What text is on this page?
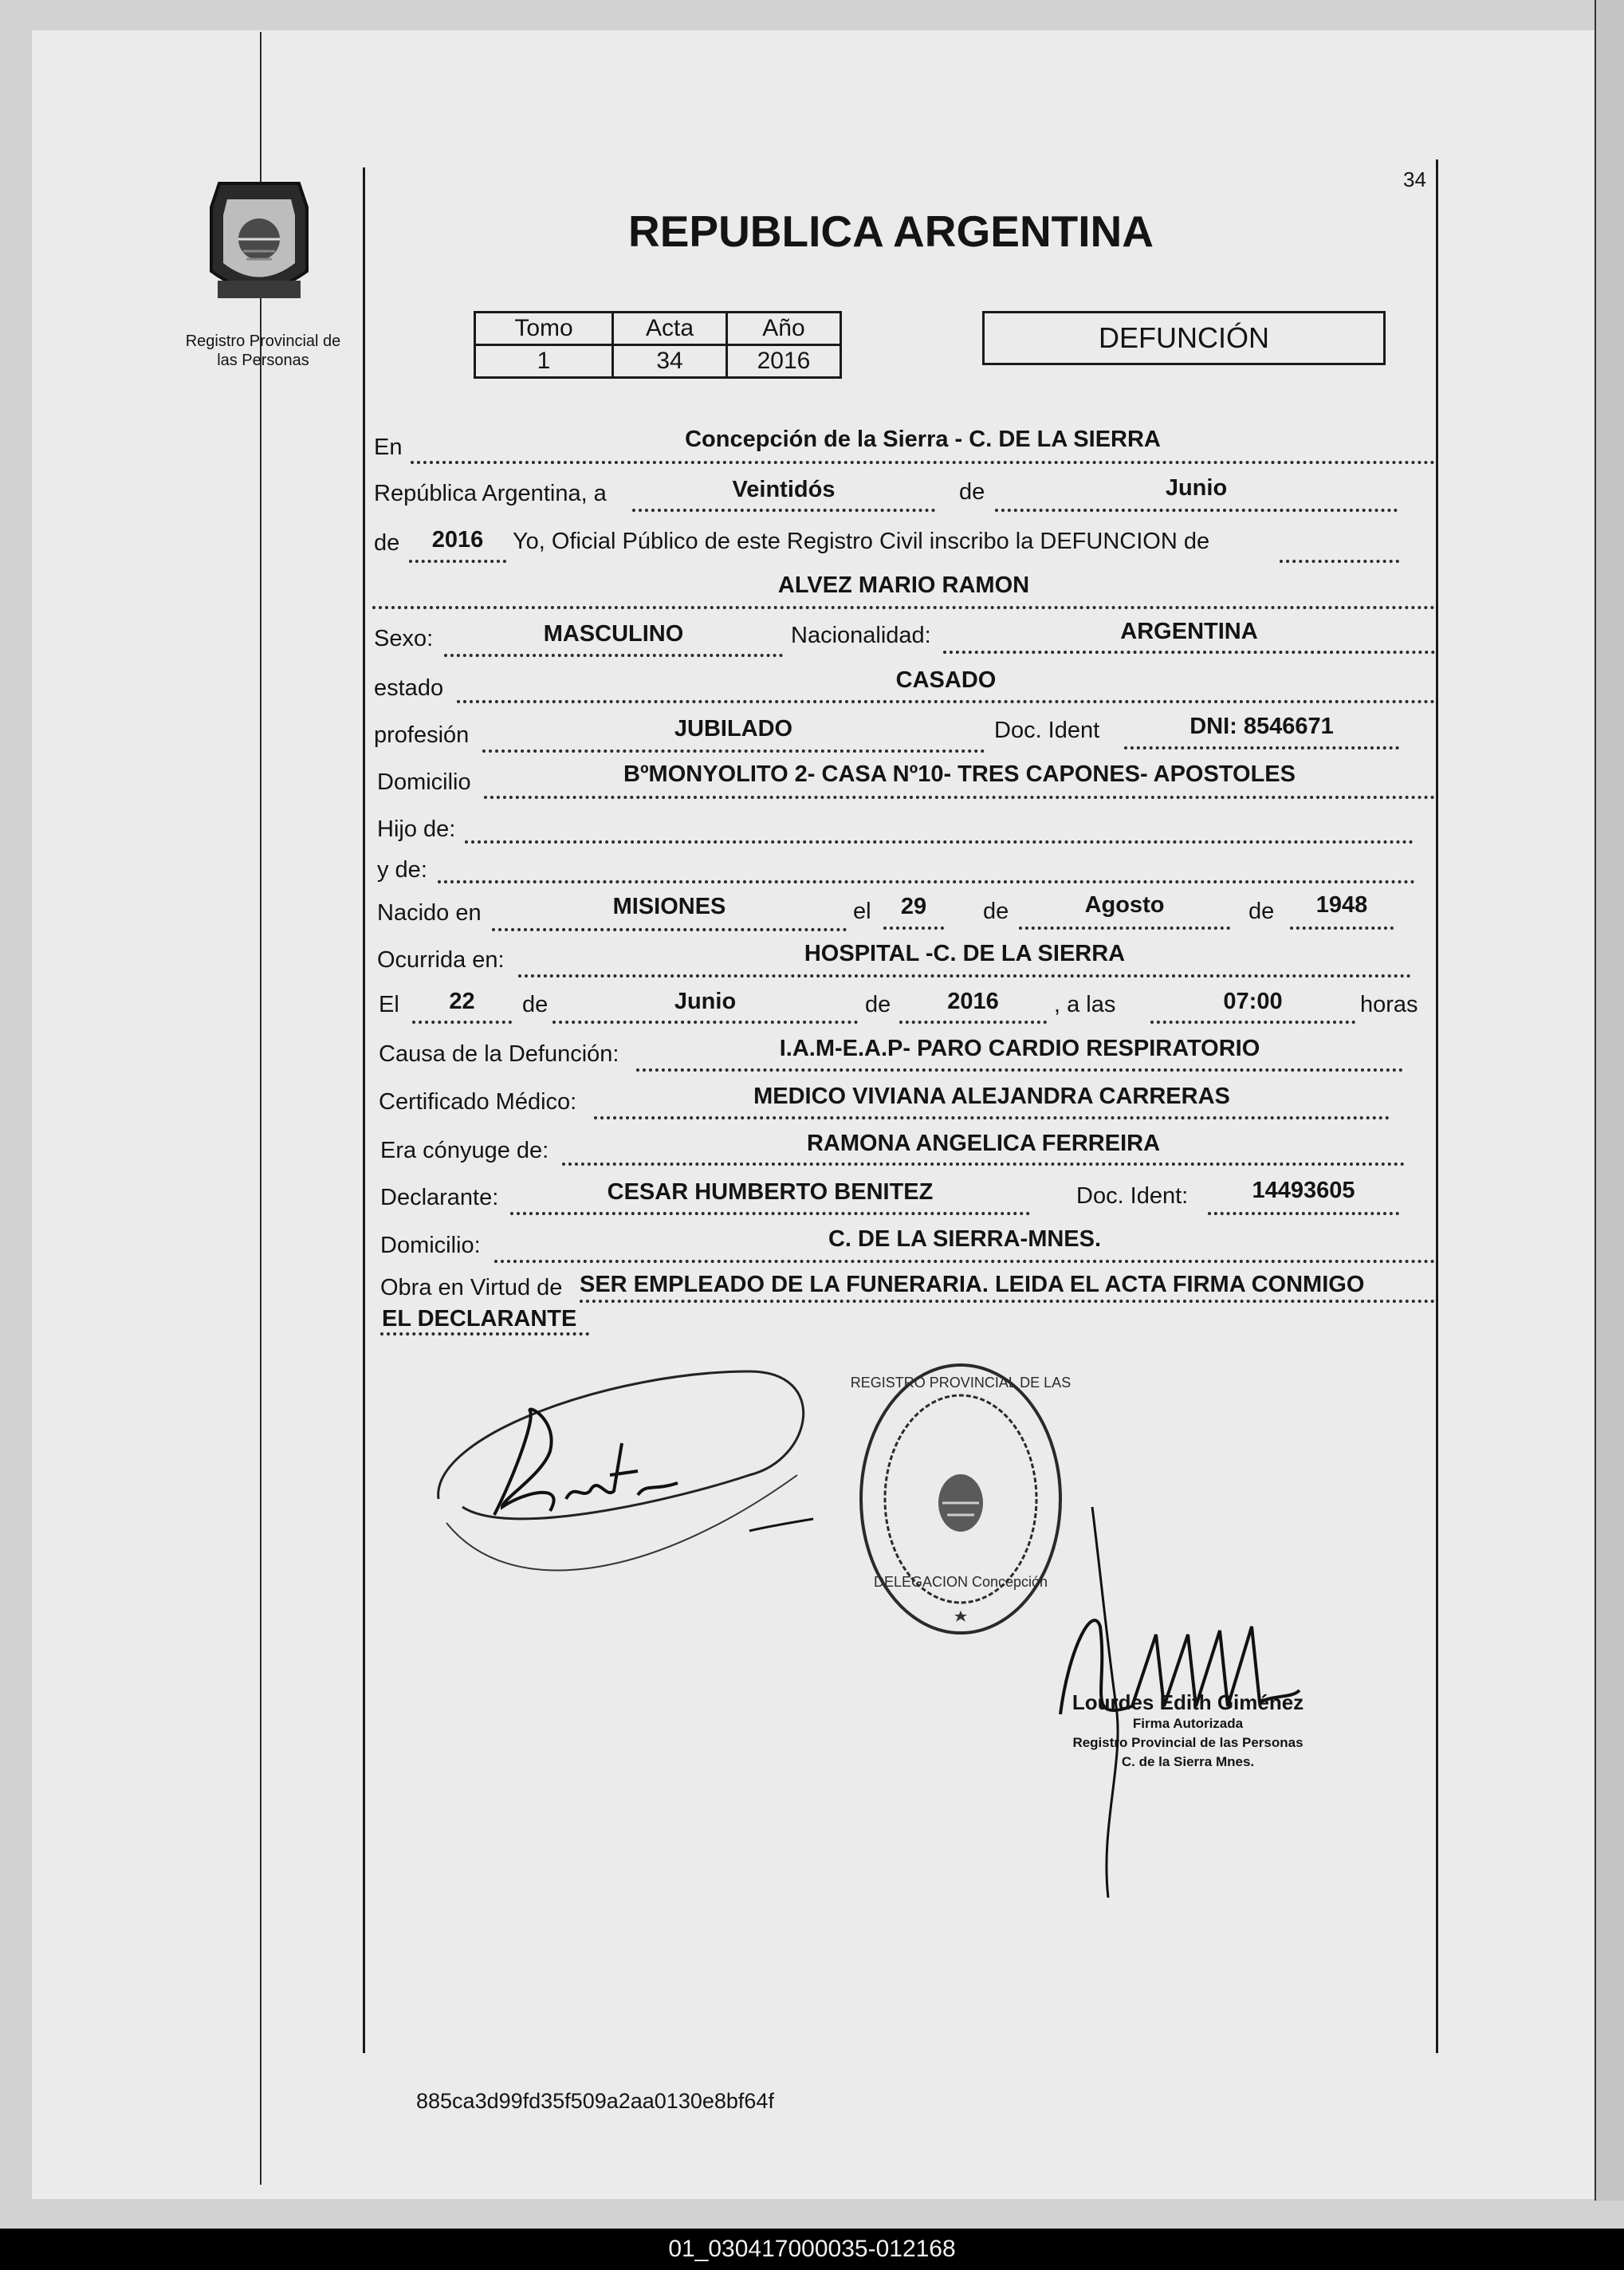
34
REPUBLICA ARGENTINA
Registro Provincial de
las Personas
Tomo	Acta	Año
1	34	2016
DEFUNCIÓN
En	Concepción de la Sierra - C. DE LA SIERRA
República Argentina, a	Veintidós	de	Junio
de	2016	Yo, Oficial Público de este Registro Civil inscribo la DEFUNCION de
ALVEZ MARIO RAMON
Sexo:	MASCULINO	Nacionalidad:	ARGENTINA
estado	CASADO
profesión	JUBILADO	Doc. Ident	DNI: 8546671
Domicilio	BºMONYOLITO 2- CASA Nº10- TRES CAPONES- APOSTOLES
Hijo de:
y de:
Nacido en	MISIONES	el	29	de	Agosto	de	1948
Ocurrida en:	HOSPITAL -C. DE LA SIERRA
El	22	de	Junio	de	2016	, a las	07:00	horas
Causa de la Defunción:	I.A.M-E.A.P- PARO CARDIO RESPIRATORIO
Certificado Médico:	MEDICO VIVIANA ALEJANDRA CARRERAS
Era cónyuge de:	RAMONA ANGELICA FERREIRA
Declarante:	CESAR HUMBERTO BENITEZ	Doc. Ident:	14493605
Domicilio:	C. DE LA SIERRA-MNES.
Obra en Virtud de SER EMPLEADO DE LA FUNERARIA. LEIDA EL ACTA FIRMA CONMIGO
EL DECLARANTE
REGISTRO PROVINCIAL DE LAS
DELEGACION Concepción
Lourdes Edith Giménez
Firma Autorizada
Registro Provincial de las Personas
C. de la Sierra Mnes.
885ca3d99fd35f509a2aa0130e8bf64f
01_030417000035-012168
